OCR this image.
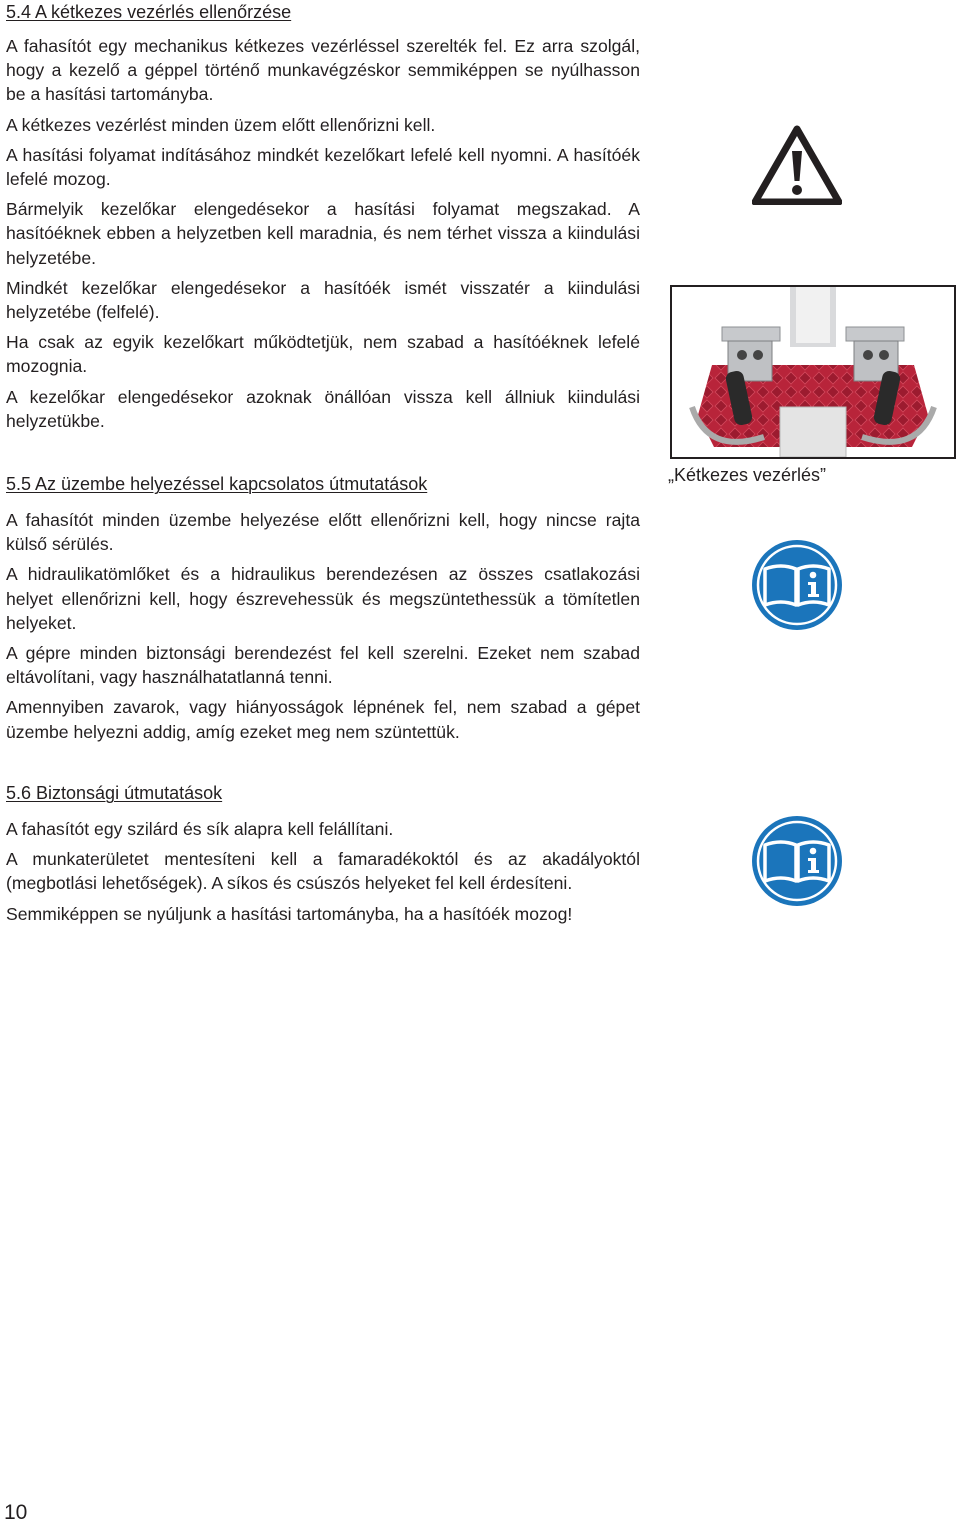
5.4 A kétkezes vezérlés ellenőrzése

A fahasítót egy mechanikus kétkezes vezérléssel szerelték fel. Ez arra szolgál, hogy a kezelő a géppel történő munkavégzéskor semmiképpen se nyúlhasson be a hasítási tartományba.

A kétkezes vezérlést minden üzem előtt ellenőrizni kell.

A hasítási folyamat indításához mindkét kezelőkart lefelé kell nyomni. A hasítóék lefelé mozog.

Bármelyik kezelőkar elengedésekor a hasítási folyamat megszakad. A hasítóéknek ebben a helyzetben kell maradnia, és nem térhet vissza a kiindulási helyzetébe.

Mindkét kezelőkar elengedésekor a hasítóék ismét visszatér a kiindulási helyzetébe (felfelé).

Ha csak az egyik kezelőkart működtetjük, nem szabad a hasítóéknek lefelé mozognia.

A kezelőkar elengedésekor azoknak önállóan vissza kell állniuk kiindulási helyzetükbe.

5.5 Az üzembe helyezéssel kapcsolatos útmutatások

A fahasítót minden üzembe helyezése előtt ellenőrizni kell, hogy nincse rajta külső sérülés.

A hidraulikatömlőket és a hidraulikus berendezésen az összes csatlakozási helyet ellenőrizni kell, hogy észrevehessük és megszüntethessük a tömítetlen helyeket.

A gépre minden biztonsági berendezést fel kell szerelni. Ezeket nem szabad eltávolítani, vagy használhatatlanná tenni.

Amennyiben zavarok, vagy hiányosságok lépnének fel, nem szabad a gépet üzembe helyezni addig, amíg ezeket meg nem szüntettük.

5.6 Biztonsági útmutatások

A fahasítót egy szilárd és sík alapra kell felállítani.

A munkaterületet mentesíteni kell a famaradékoktól és az akadályoktól (megbotlási lehetőségek). A síkos és csúszós helyeket fel kell érdesíteni.

Semmiképpen se nyúljunk a hasítási tartományba, ha a hasítóék mozog!

„Kétkezes vezérlés”
10
